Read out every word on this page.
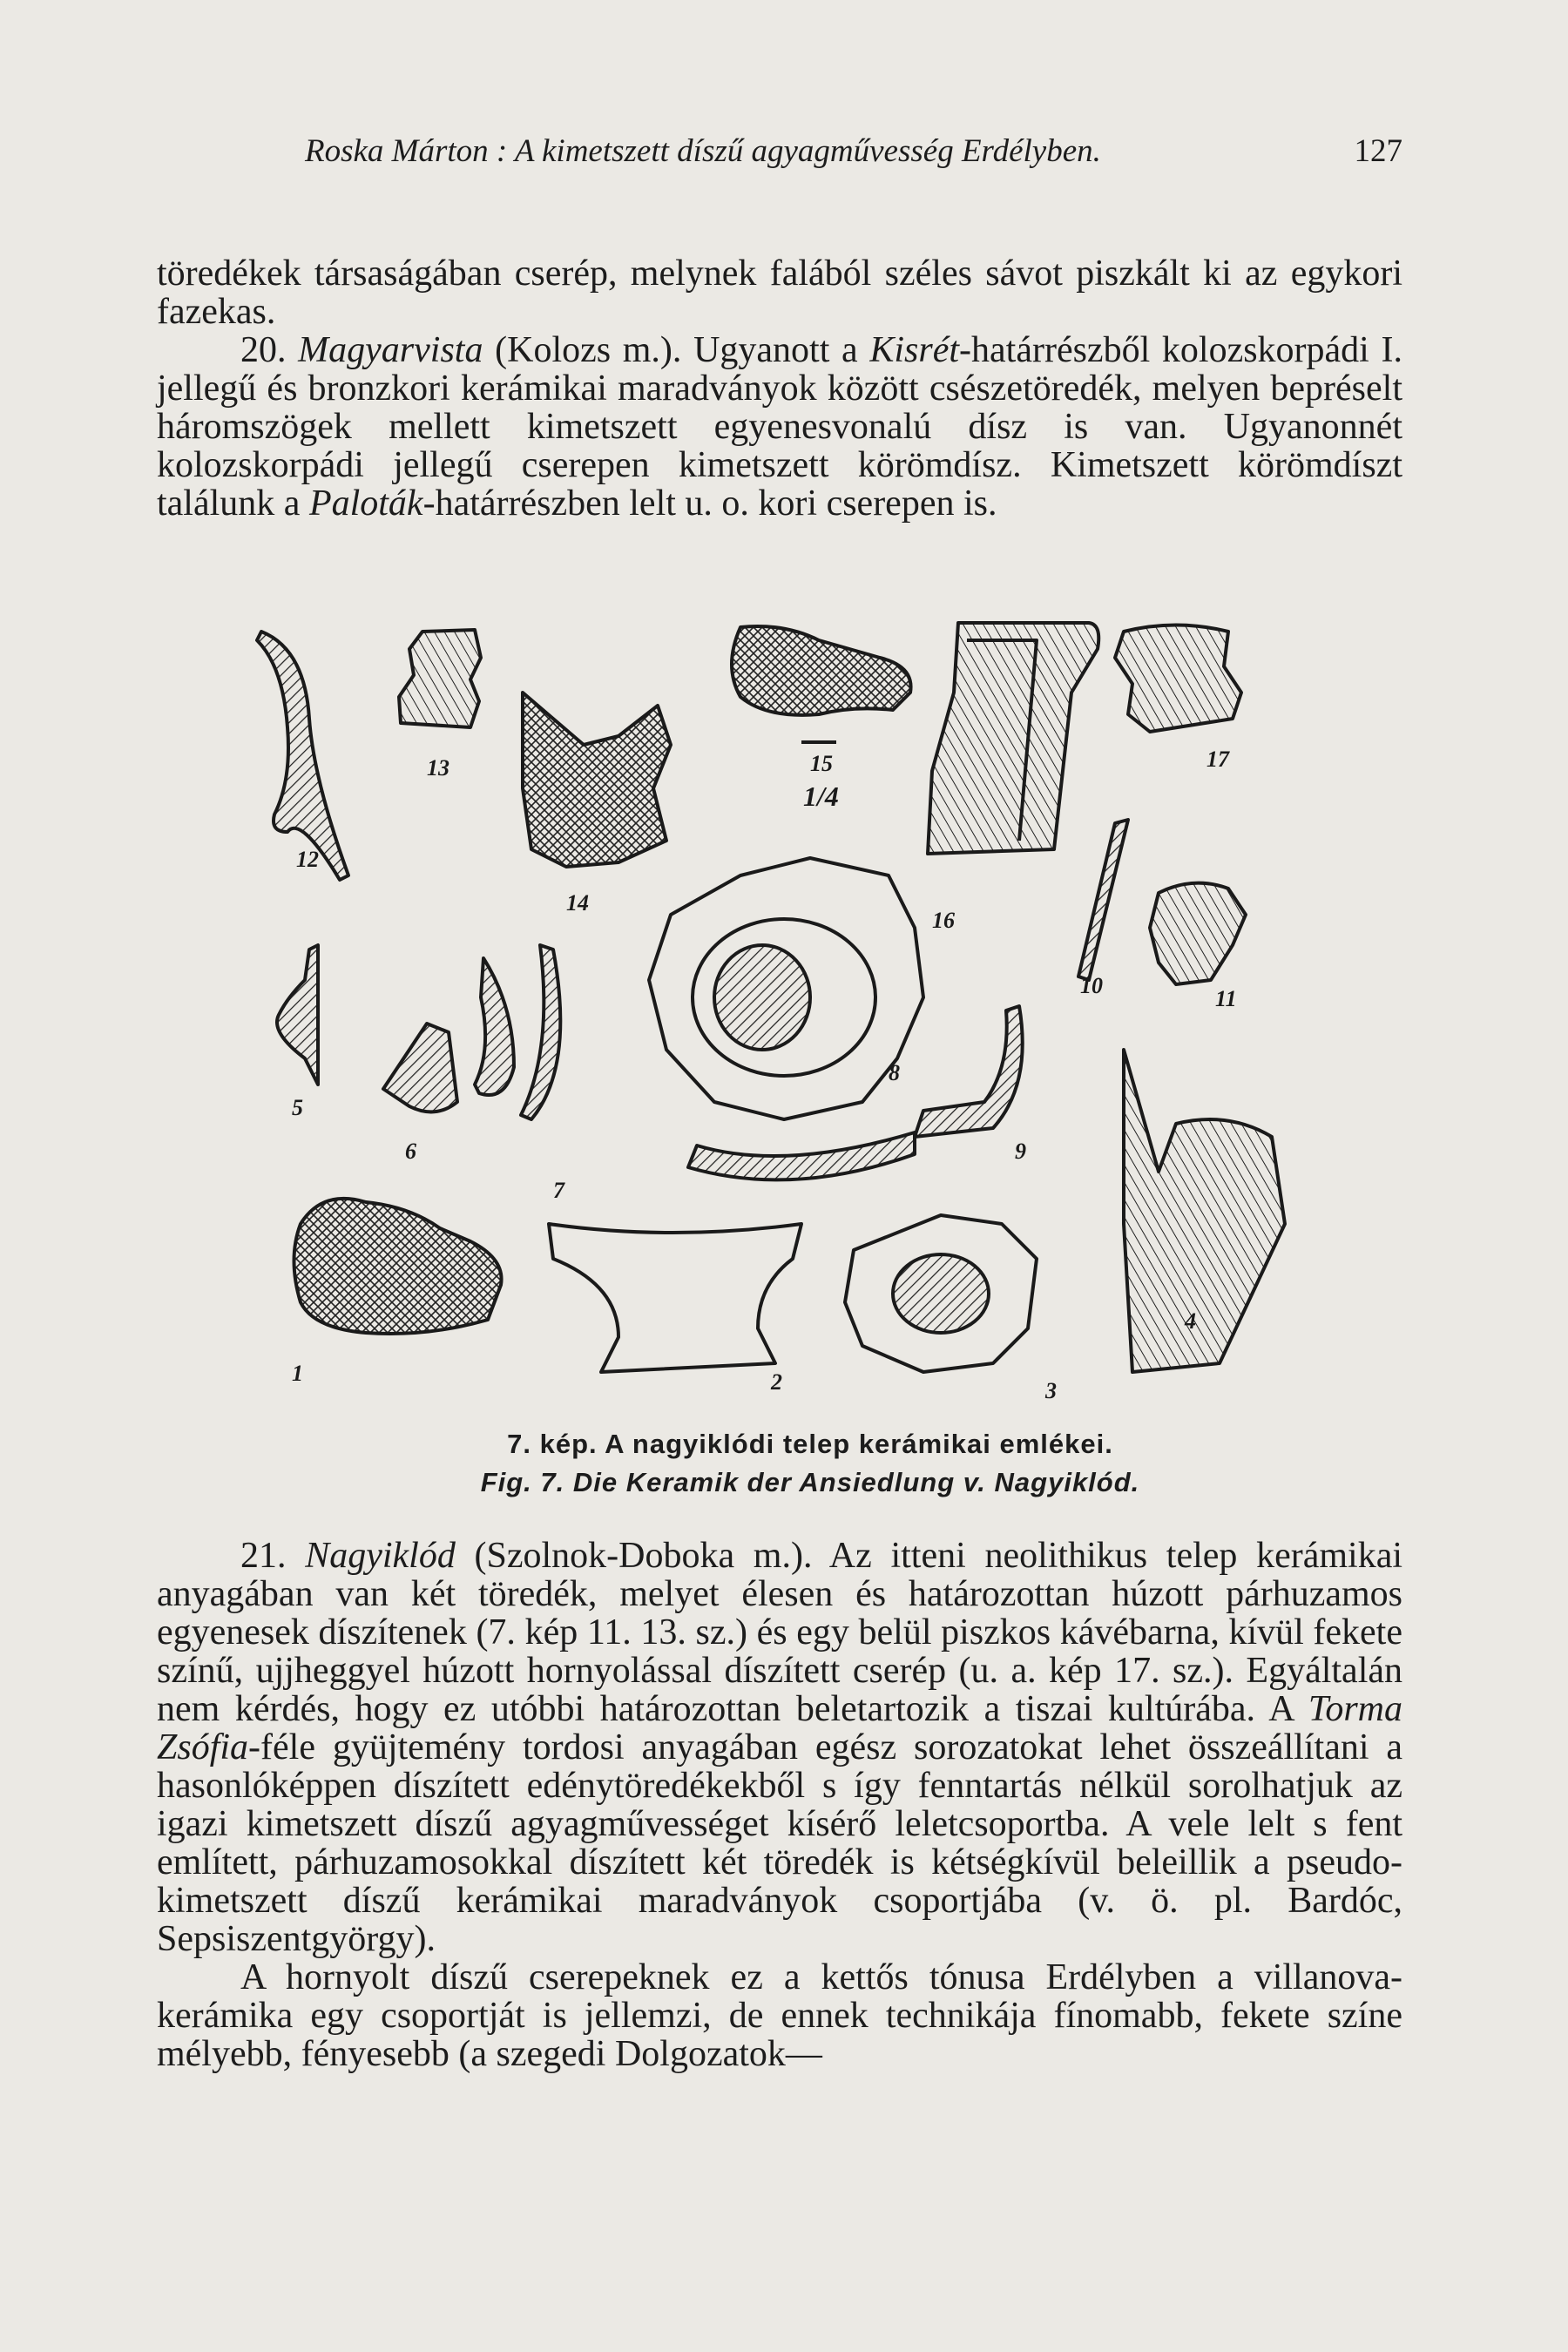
Roska Márton : A kimetszett díszű agyagművesség Erdélyben.	127

töredékek társaságában cserép, melynek falából széles sávot piszkált ki az egykori fazekas.

20. Magyarvista (Kolozs m.). Ugyanott a Kisrét-határrészből kolozskorpádi I. jellegű és bronzkori kerámikai maradványok között csészetöredék, melyen bepréselt háromszögek mellett kimetszett egyenesvonalú dísz is van. Ugyanonnét kolozskorpádi jellegű cserepen kimetszett körömdísz. Kimetszett körömdíszt találunk a Paloták-határrészben lelt u. o. kori cserepen is.

12
13
14
15
1/4
16
17
10
11
5
6
7
8
9
1	2	3
4
7. kép. A nagyiklódi telep kerámikai emlékei.
Fig. 7. Die Keramik der Ansiedlung v. Nagyiklód.

21. Nagyiklód (Szolnok-Doboka m.). Az itteni neolithikus telep kerámikai anyagában van két töredék, melyet élesen és határozottan húzott párhuzamos egyenesek díszítenek (7. kép 11. 13. sz.) és egy belül piszkos kávébarna, kívül fekete színű, ujjheggyel húzott hornyolással díszített cserép (u. a. kép 17. sz.). Egyáltalán nem kérdés, hogy ez utóbbi határozottan beletartozik a tiszai kultúrába. A Torma Zsófia-féle gyüjtemény tordosi anyagában egész sorozatokat lehet összeállítani a hasonlóképpen díszített edénytöredékekből s így fenntartás nélkül sorolhatjuk az igazi kimetszett díszű agyagművességet kísérő leletcsoportba. A vele lelt s fent említett, párhuzamosokkal díszített két töredék is kétségkívül beleillik a pseudo-kimetszett díszű kerámikai maradványok csoportjába (v. ö. pl. Bardóc, Sepsiszentgyörgy).

A hornyolt díszű cserepeknek ez a kettős tónusa Erdélyben a villanova-kerámika egy csoportját is jellemzi, de ennek technikája fínomabb, fekete színe mélyebb, fényesebb (a szegedi Dolgozatok—
